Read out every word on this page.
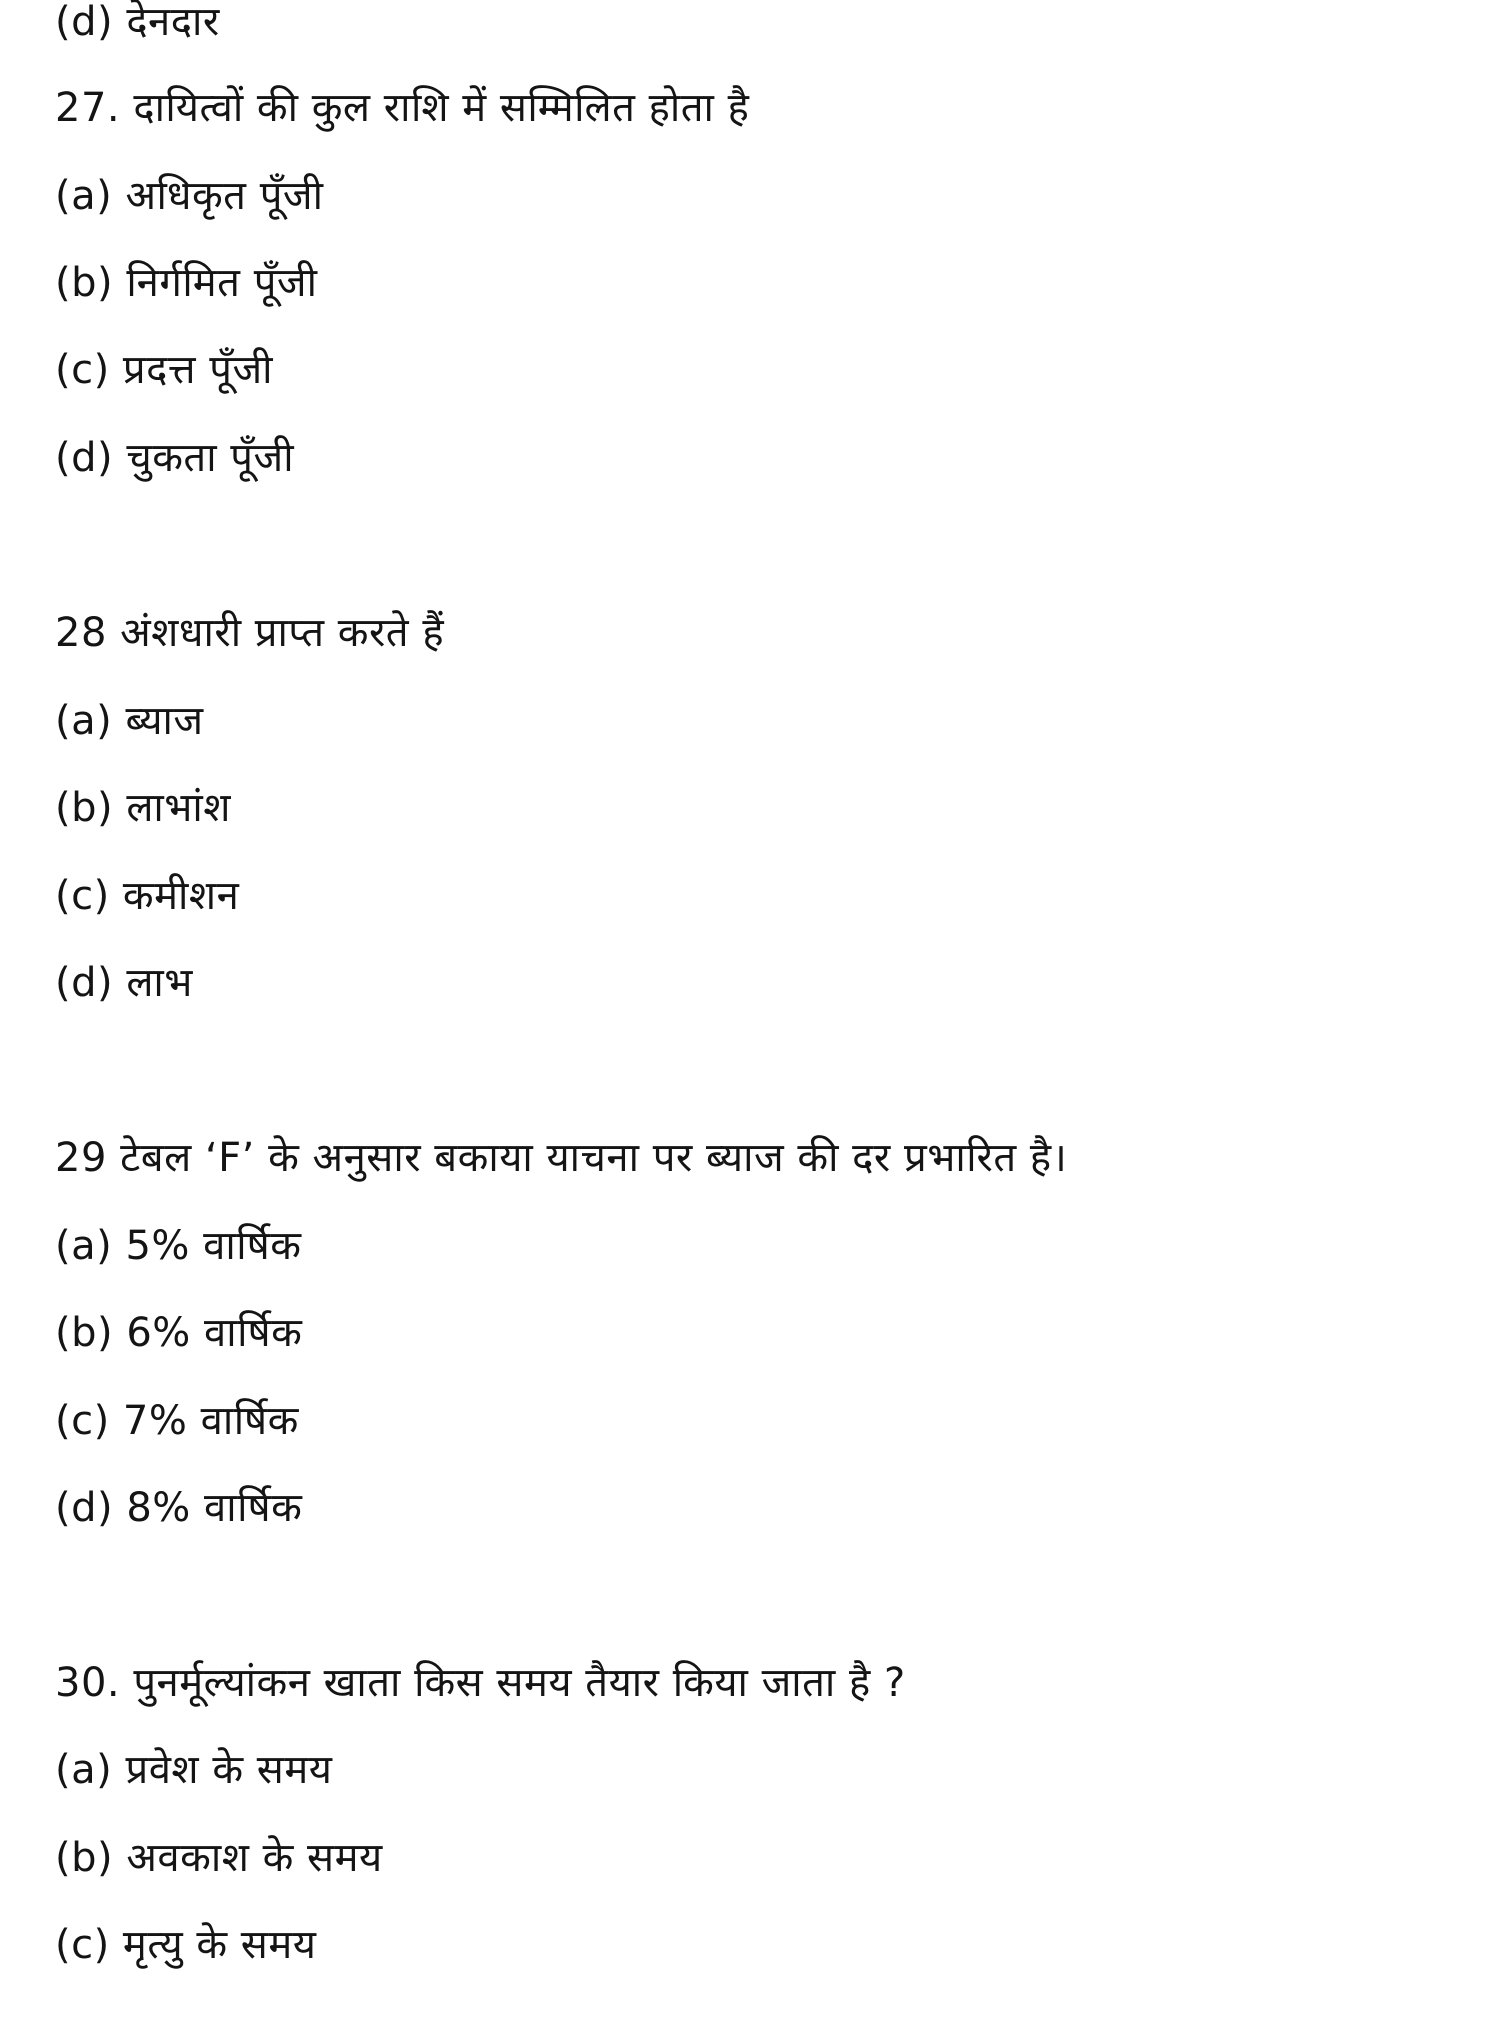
(d) देनदार
27. दायित्वों की कुल राशि में सम्मिलित होता है
(a) अधिकृत पूँजी
(b) निर्गमित पूँजी
(c) प्रदत्त पूँजी
(d) चुकता पूँजी
28 अंशधारी प्राप्त करते हैं
(a) ब्याज
(b) लाभांश
(c) कमीशन
(d) लाभ
29 टेबल ‘F’ के अनुसार बकाया याचना पर ब्याज की दर प्रभारित है।
(a) 5% वार्षिक
(b) 6% वार्षिक
(c) 7% वार्षिक
(d) 8% वार्षिक
30. पुनर्मूल्यांकन खाता किस समय तैयार किया जाता है ?
(a) प्रवेश के समय
(b) अवकाश के समय
(c) मृत्यु के समय
